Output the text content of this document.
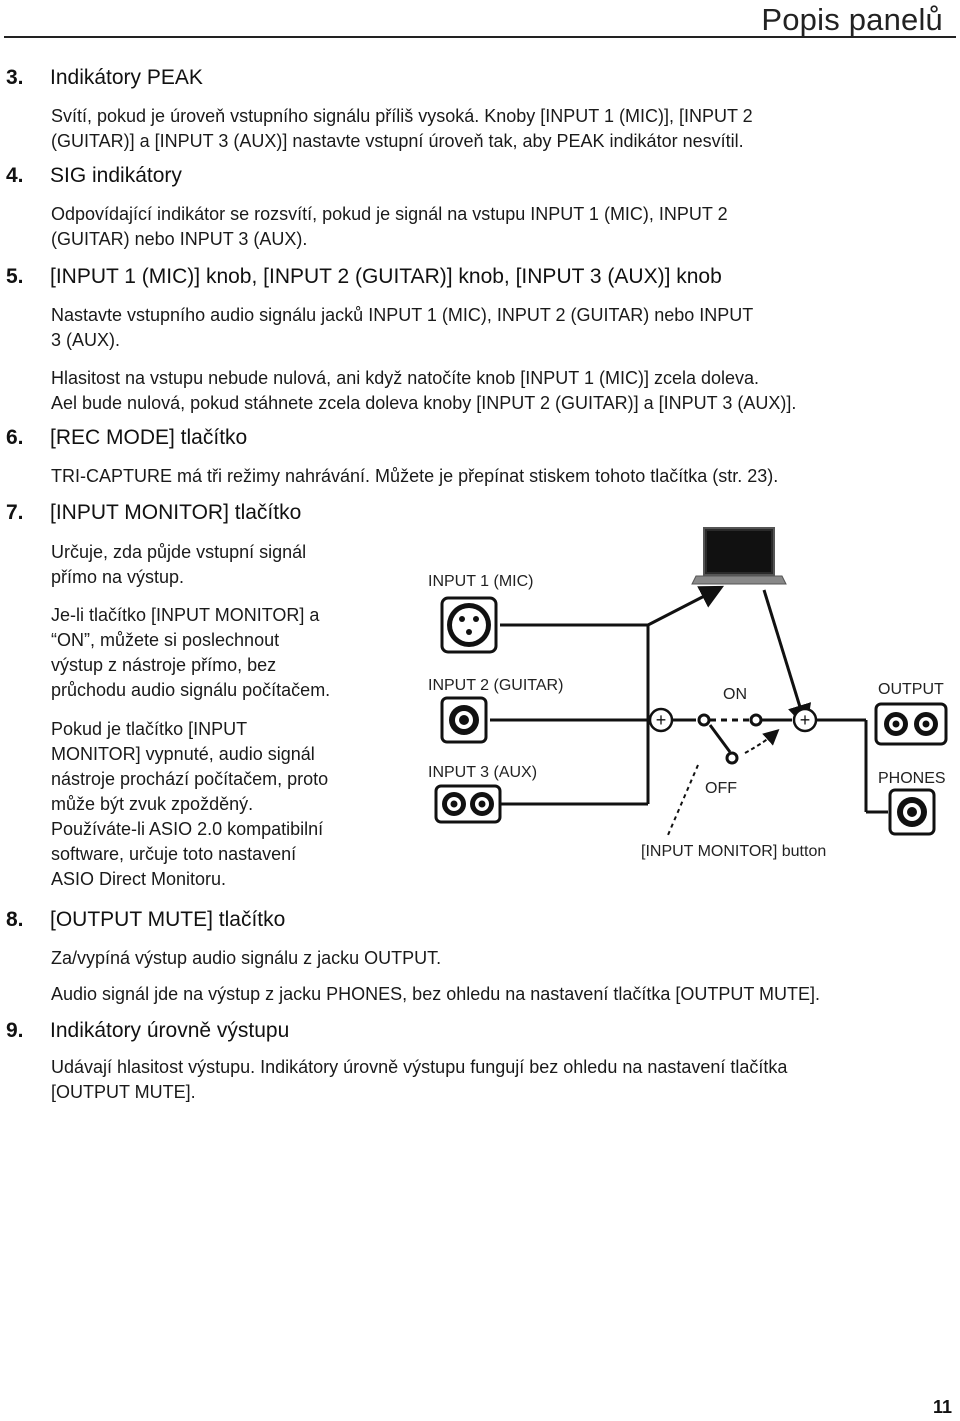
Popis panelů
3. Indikátory PEAK

Svítí, pokud je úroveň vstupního signálu příliš vysoká. Knoby [INPUT 1 (MIC)], [INPUT 2
(GUITAR)] a [INPUT 3 (AUX)] nastavte vstupní úroveň tak, aby PEAK indikátor nesvítil.

4. SIG indikátory

Odpovídající indikátor se rozsvítí, pokud je signál na vstupu INPUT 1 (MIC), INPUT 2
(GUITAR) nebo INPUT 3 (AUX).

5. [INPUT 1 (MIC)] knob, [INPUT 2 (GUITAR)] knob, [INPUT 3 (AUX)] knob

Nastavte vstupního audio signálu jacků INPUT 1 (MIC), INPUT 2 (GUITAR) nebo INPUT
3 (AUX).

Hlasitost na vstupu nebude nulová, ani když natočíte knob [INPUT 1 (MIC)] zcela doleva.
Ael bude nulová, pokud stáhnete zcela doleva knoby [INPUT 2 (GUITAR)] a [INPUT 3 (AUX)].

6. [REC MODE] tlačítko

TRI-CAPTURE má tři režimy nahrávání. Můžete je přepínat stiskem tohoto tlačítka (str. 23).

7. [INPUT MONITOR] tlačítko

Určuje, zda půjde vstupní signál
přímo na výstup.

Je-li tlačítko [INPUT MONITOR] a
“ON”, můžete si poslechnout
výstup z nástroje přímo, bez
průchodu audio signálu počítačem.

Pokud je tlačítko [INPUT
MONITOR] vypnuté, audio signál
nástroje prochází počítačem, proto
může být zvuk zpožděný.
Používáte-li ASIO 2.0 kompatibilní
software, určuje toto nastavení
ASIO Direct Monitoru.

INPUT 1 (MIC)
INPUT 2 (GUITAR)
INPUT 3 (AUX)
ON
OFF
OUTPUT
PHONES
[INPUT MONITOR] button
+	+
8. [OUTPUT MUTE] tlačítko

Za/vypíná výstup audio signálu z jacku OUTPUT.

Audio signál jde na výstup z jacku PHONES, bez ohledu na nastavení tlačítka [OUTPUT MUTE].

9. Indikátory úrovně výstupu

Udávají hlasitost výstupu. Indikátory úrovně výstupu fungují bez ohledu na nastavení tlačítka
[OUTPUT MUTE].

11
